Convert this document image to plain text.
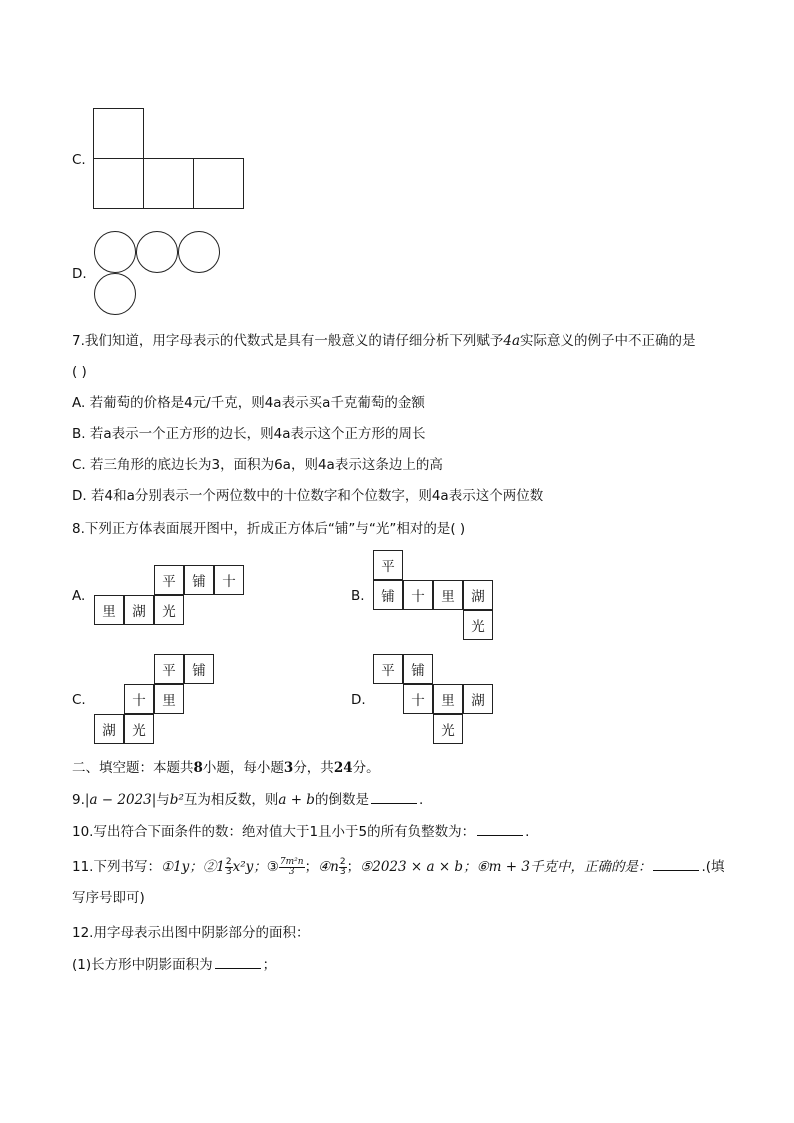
C.
D.
7.我们知道，用字母表示的代数式是具有一般意义的请仔细分析下列赋予4a实际意义的例子中不正确的是
( )
A. 若葡萄的价格是4元/千克，则4a表示买a千克葡萄的金额
B. 若a表示一个正方形的边长，则4a表示这个正方形的周长
C. 若三角形的底边长为3，面积为6a，则4a表示这条边上的高
D. 若4和a分别表示一个两位数中的十位数字和个位数字，则4a表示这个两位数
8.下列正方体表面展开图中，折成正方体后“铺”与“光”相对的是( )
A.
平	铺	十
里	湖	光
B.
平
铺	十	里	湖
光
C.
平	铺
十	里
湖	光
D.
平	铺
十	里	湖
光
二、填空题：本题共8小题，每小题3分，共24分。
9.|a − 2023|与b²互为相反数，则a + b的倒数是	.
10.写出符合下面条件的数：绝对值大于1且小于5的所有负整数为：	.
11.下列书写：①1y；②1 $\frac{2}{3} x^2y$；③ $\frac{\text{7m²n}}{3}$ ；④n $\frac{2}{3}$ ；⑤2023 × a × b；⑥m + 3千克中，正确的是：	.(填
写序号即可)
12.用字母表示出图中阴影部分的面积：
(1)长方形中阴影面积为	；
